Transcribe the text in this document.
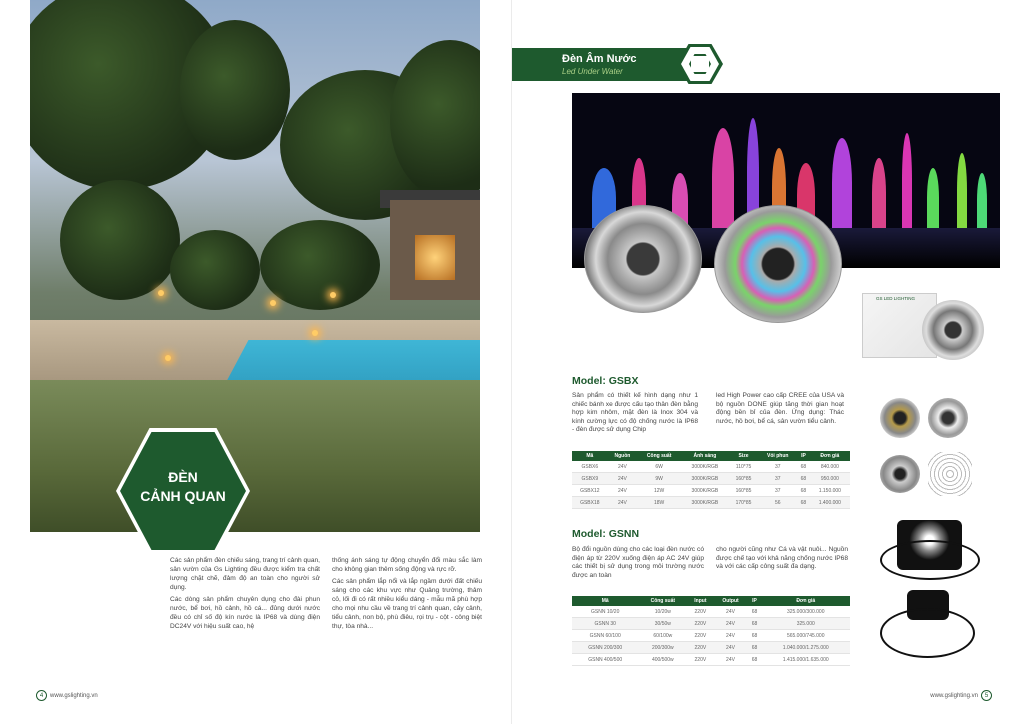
ĐÈN
CẢNH QUAN

Các sản phẩm đèn chiếu sáng, trang trí cảnh quan, sân vườn của Gs Lighting đều được kiểm tra chất lượng chặt chẽ, đảm độ an toàn cho người sử dụng.

Các dòng sản phẩm chuyên dụng cho đài phun nước, bể bơi, hồ cảnh, hồ cá... đủng dưới nước đều có chỉ số độ kín nước là IP68 và dùng điện DC24V với hiệu suất cao, hệ

thống ánh sáng tự động chuyển đổi màu sắc làm cho không gian thêm sống động và rực rỡ.

Các sản phẩm lắp nổi và lắp ngầm dưới đất chiếu sáng cho các khu vực như Quảng trường, thảm cỏ, lối đi có rất nhiều kiểu dáng - mẫu mã phù hợp cho mọi nhu cầu về trang trí cảnh quan, cây cảnh, tiểu cảnh, non bộ, phù điêu, rọi trụ - cột - công biệt thự, tòa nhà...

4	www.gslighting.vn
Đèn Âm Nước
Led Under Water
GS LED LIGHTING
Model: GSBX
Sản phẩm có thiết kế hình dạng như 1 chiếc bánh xe được cấu tạo thân đèn bằng hợp kim nhôm, mặt đèn là Inox 304 và kính cường lực có độ chống nước là IP68 - đèn được sử dụng Chip
led High Power cao cấp CREE của USA và bộ nguồn DONE giúp tăng thời gian hoạt động bền bỉ của đèn. Ứng dụng: Thác nước, hồ bơi, bể cá, sân vườn tiểu cảnh.
Mã	Nguồn	Công suất	Ánh sáng	Size	Vỏi phun	IP	Đơn giá
GSBX6	24V	6W	3000K/RGB	110*75	37	68	840.000
GSBX9	24V	9W	3000K/RGB	160*85	37	68	950.000
GSBX12	24V	12W	3000K/RGB	160*85	37	68	1.150.000
GSBX18	24V	18W	3000K/RGB	170*85	56	68	1.400.000
Model: GSNN
Bộ đổi nguồn dùng cho các loại đèn nước có điện áp từ 220V xuống điện áp AC 24V giúp các thiết bị sử dụng trong môi trường nước được an toàn
cho người cũng như Cá và vật nuôi... Nguồn được chế tạo với khả năng chống nước IP68 và với các cấp công suất đa dạng.
Mã	Công suất	Input	Output	IP	Đơn giá
GSNN 10/20	10/20w	220V	24V	68	325.000/300.000
GSNN 30	30/50w	220V	24V	68	325.000
GSNN 60/100	60/100w	220V	24V	68	565.000/745.000
GSNN 200/300	200/300w	220V	24V	68	1.040.000/1.275.000
GSNN 400/500	400/500w	220V	24V	68	1.415.000/1.635.000
www.gslighting.vn	5
